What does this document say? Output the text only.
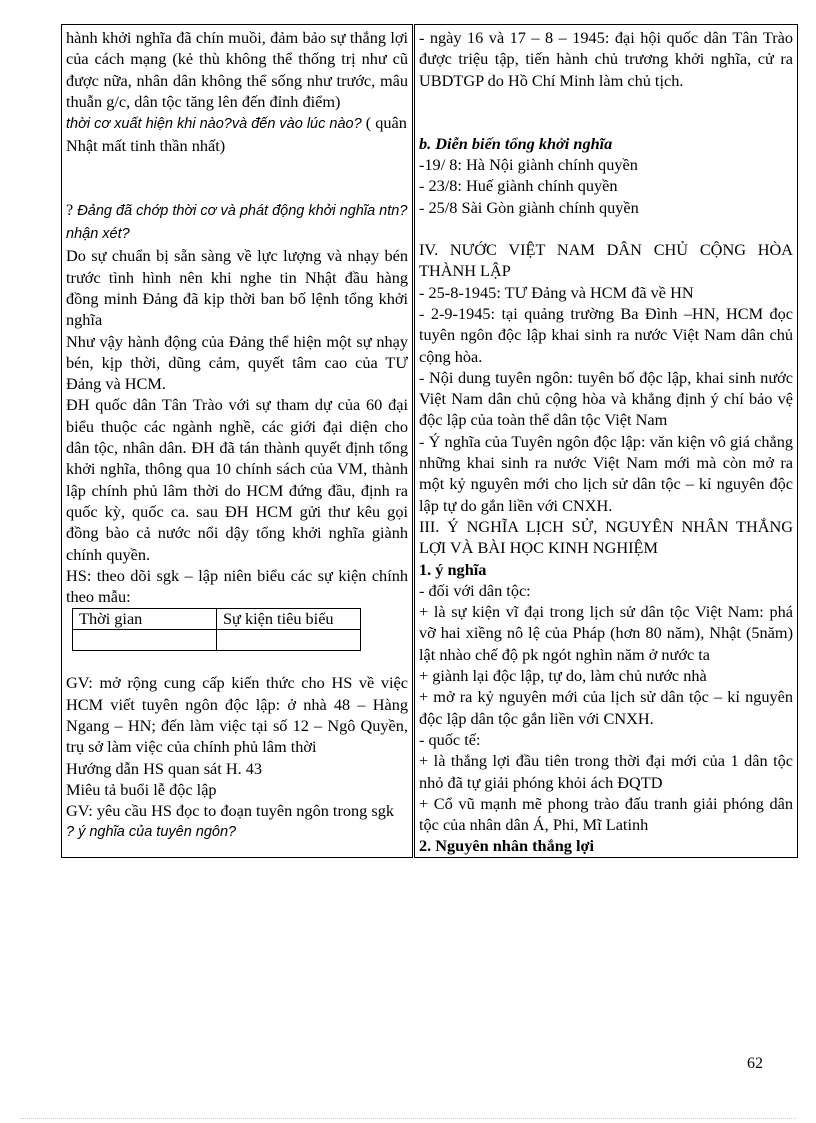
hành khởi nghĩa đã chín muồi, đảm bảo sự thắng lợi của cách mạng (kẻ thù không thể thống trị như cũ được nữa, nhân dân không thể sống như trước, mâu thuẫn g/c, dân tộc tăng lên đến đỉnh điểm)

thời cơ xuất hiện khi nào?và đến vào lúc nào? ( quân Nhật mất tinh thần nhất)

? Đảng đã chớp thời cơ và phát động khởi nghĩa ntn?nhận xét?

Do sự chuẩn bị sẵn sàng về lực lượng và nhạy bén trước tình hình nên khi nghe tin Nhật đầu hàng đồng minh Đảng đã kịp thời ban bố lệnh tổng khởi nghĩa

Như vậy hành động của Đảng thể hiện một sự nhạy bén, kịp thời, dũng cảm, quyết tâm cao của TƯ Đảng và HCM.

ĐH quốc dân Tân Trào với sự tham dự của 60 đại biểu thuộc các ngành nghề, các giới đại diện cho dân tộc, nhân dân. ĐH đã tán thành quyết định tổng khởi nghĩa, thông qua 10 chính sách của VM, thành lập chính phủ lâm thời do HCM đứng đầu, định ra quốc kỳ, quốc ca. sau ĐH HCM gửi thư kêu gọi đồng bào cả nước nổi dậy tổng khởi nghĩa giành chính quyền.

HS: theo dõi sgk – lập niên biểu các sự kiện chính theo mẫu:

Thời gian	Sự kiện tiêu biểu

GV: mở rộng cung cấp kiến thức cho HS về việc HCM viết tuyên ngôn độc lập: ở nhà 48 – Hàng Ngang – HN; đến làm việc tại số 12 – Ngô Quyền, trụ sở làm việc của chính phủ lâm thời

Hướng dẫn HS quan sát H. 43

Miêu tả buổi lễ độc lập

GV: yêu cầu HS đọc to đoạn tuyên ngôn trong sgk

? ý nghĩa của tuyên ngôn?

- ngày 16 và 17 – 8 – 1945: đại hội quốc dân Tân Trào được triệu tập, tiến hành chủ trương khởi nghĩa, cử ra UBDTGP do Hồ Chí Minh làm chủ tịch.

b. Diễn biến tổng khởi nghĩa

-19/ 8: Hà Nội giành chính quyền

- 23/8: Huế giành chính quyền

- 25/8 Sài Gòn giành chính quyền

IV. NƯỚC VIỆT NAM DÂN CHỦ CỘNG HÒA THÀNH LẬP

- 25-8-1945: TƯ Đảng và HCM đã về HN

- 2-9-1945: tại quảng trường Ba Đình –HN, HCM đọc tuyên ngôn độc lập khai sinh ra nước Việt Nam dân chủ cộng hòa.

- Nội dung tuyên ngôn: tuyên bố độc lập, khai sinh nước Việt Nam dân chủ cộng hòa và khẳng định ý chí bảo vệ độc lập của toàn thể dân tộc Việt Nam

- Ý nghĩa của Tuyên ngôn độc lập: văn kiện vô giá chẳng những khai sinh ra nước Việt Nam mới mà còn mở ra một kỷ nguyên mới cho lịch sử dân tộc – kỉ nguyên độc lập tự do gắn liền với CNXH.

III. Ý NGHĨA LỊCH SỬ, NGUYÊN NHÂN THẮNG LỢI VÀ BÀI HỌC KINH NGHIỆM

1. ý nghĩa

- đối với dân tộc:

+ là sự kiện vĩ đại trong lịch sử dân tộc Việt Nam: phá vỡ hai xiềng nô lệ của Pháp (hơn 80 năm), Nhật (5năm) lật nhào chế độ pk ngót nghìn năm ở nước ta

+ giành lại độc lập, tự do, làm chủ nước nhà

+ mở ra kỷ nguyên mới của lịch sử dân tộc – kỉ nguyên độc lập dân tộc gắn liền với CNXH.

- quốc tế:

+ là thắng lợi đầu tiên trong thời đại mới của 1 dân tộc nhỏ đã tự giải phóng khỏi ách ĐQTD

+ Cổ vũ mạnh mẽ phong trào đấu tranh giải phóng dân tộc của nhân dân Á, Phi, Mĩ Latinh

2. Nguyên nhân thắng lợi

62
